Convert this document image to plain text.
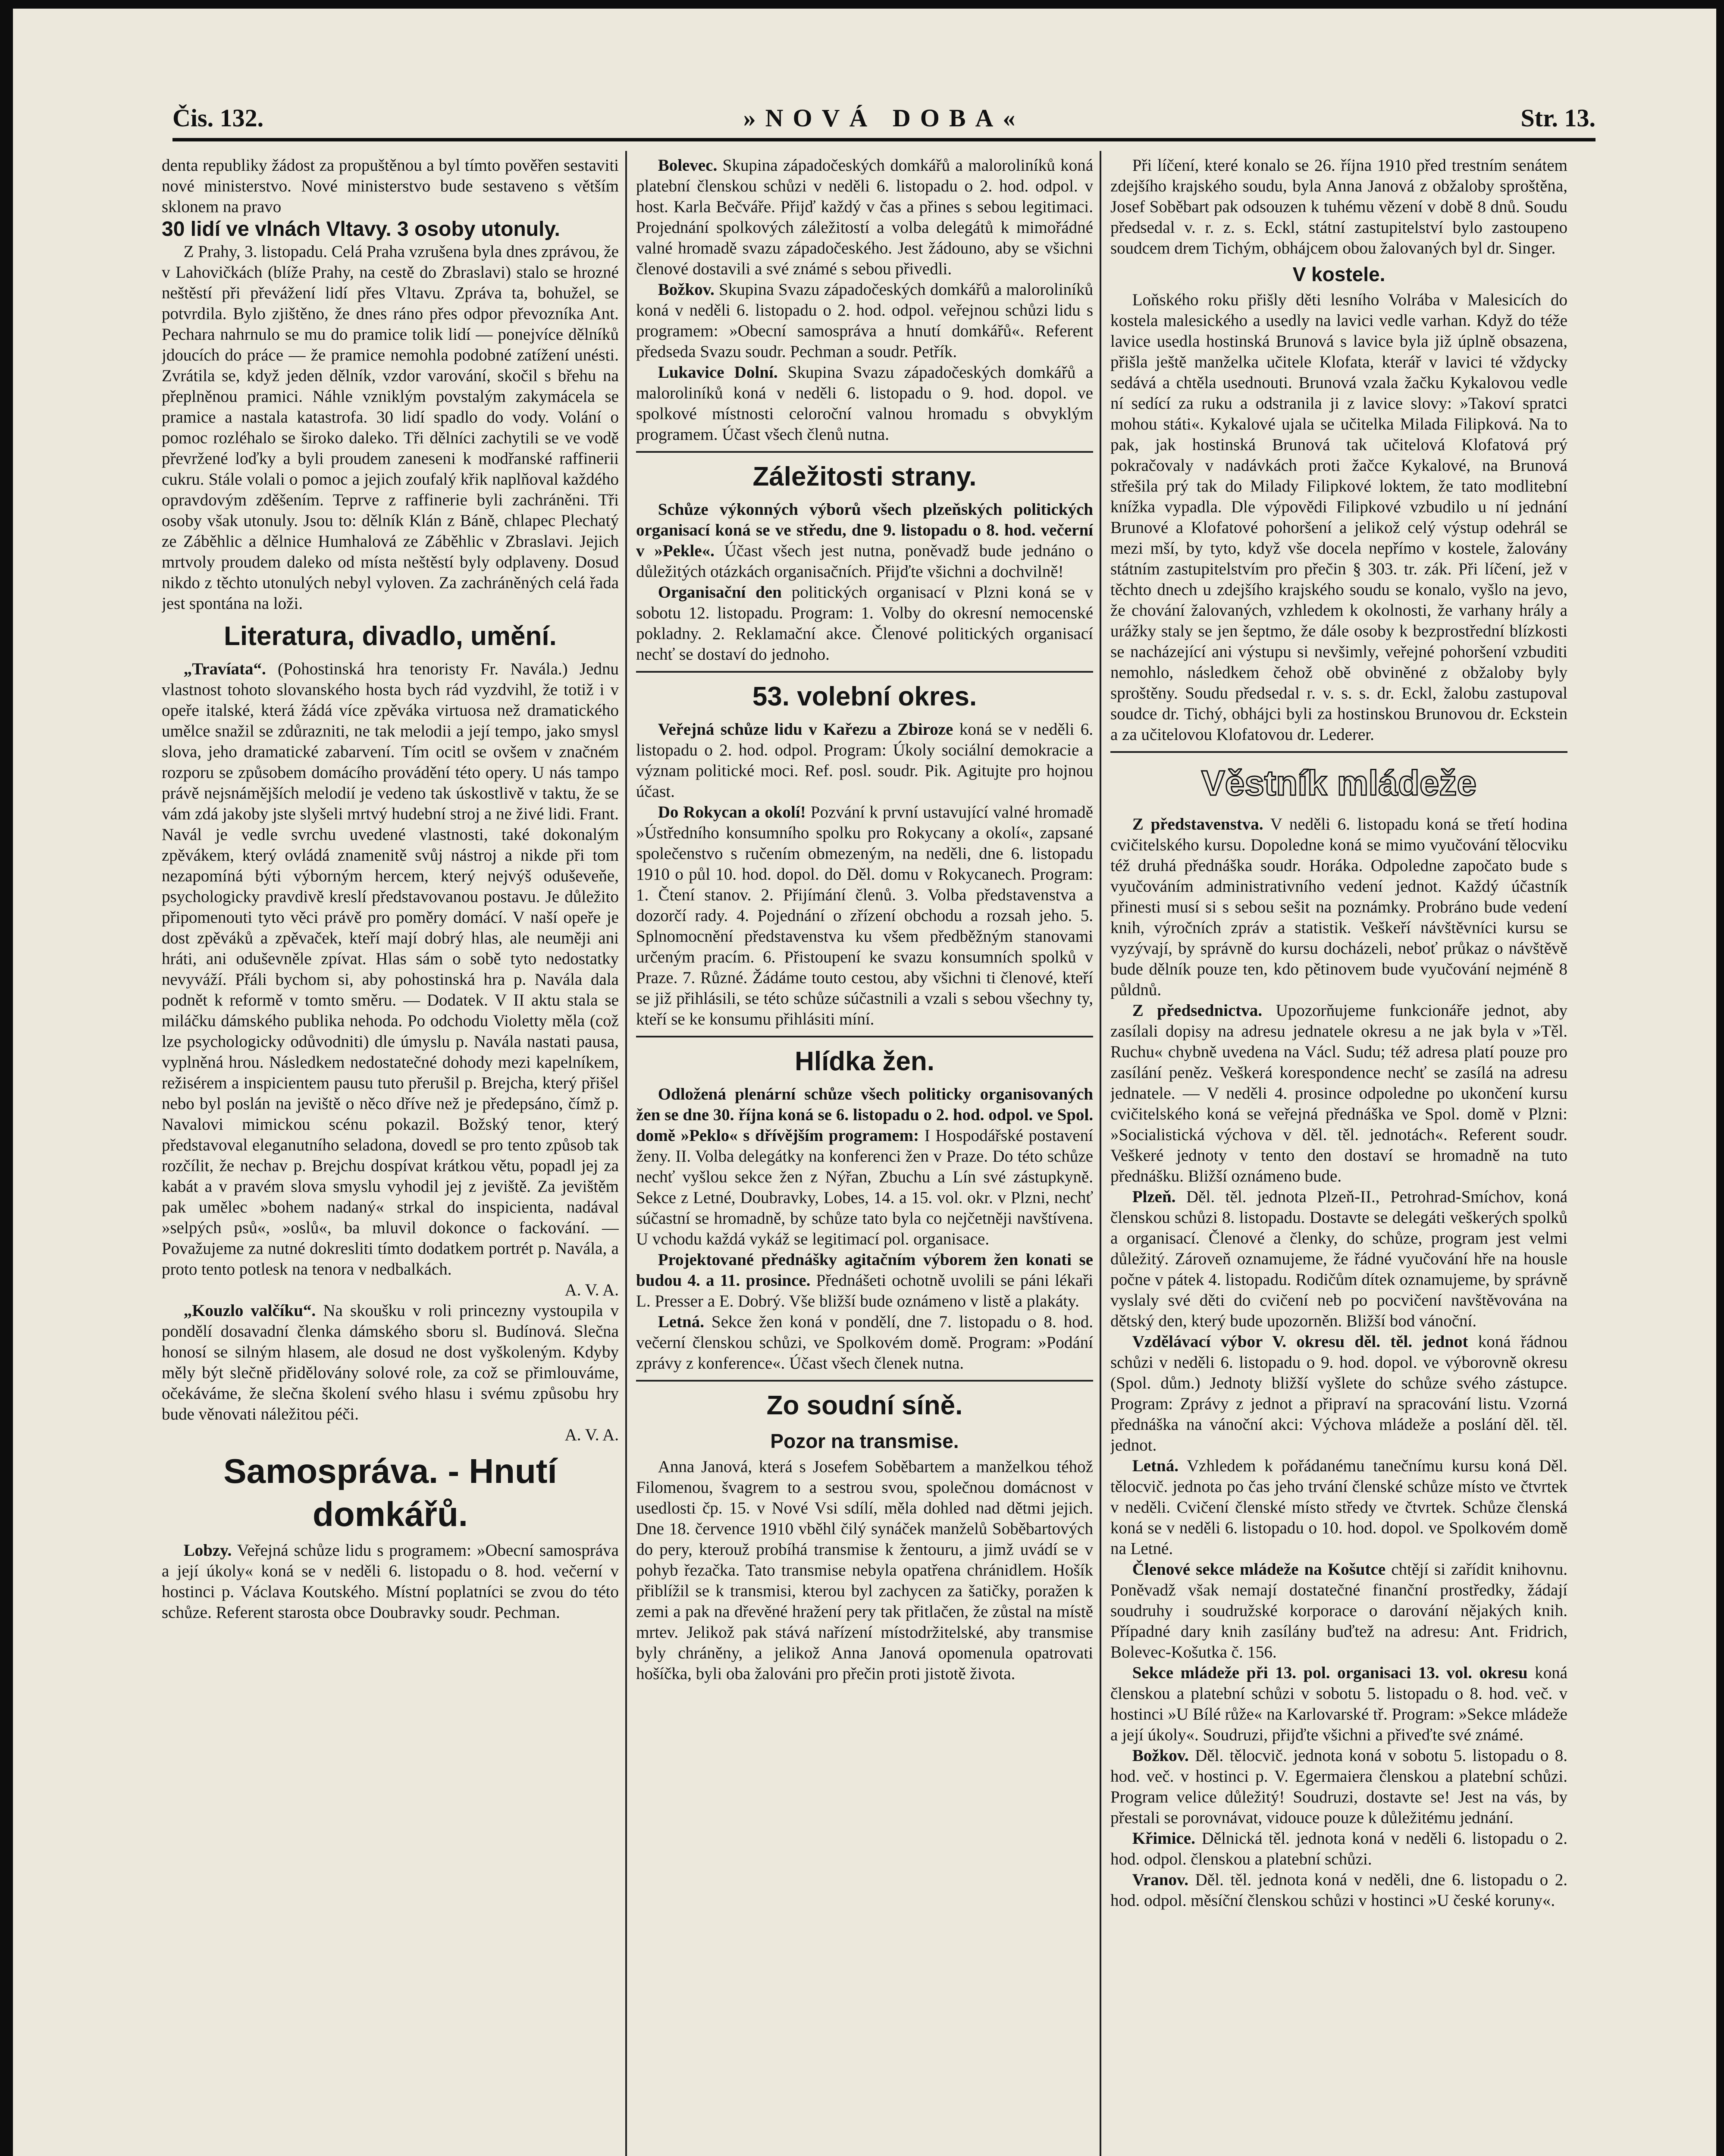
Čis. 132.	»NOVÁ DOBA«	Str. 13.

denta republiky žádost za propuštěnou a byl tímto pověřen sestaviti nové ministerstvo. Nové ministerstvo bude sestaveno s větším sklonem na pravo

30 lidí ve vlnách Vltavy. 3 osoby utonuly.

Z Prahy, 3. listopadu. Celá Praha vzrušena byla dnes zprávou, že v Lahovičkách (blíže Prahy, na cestě do Zbraslavi) stalo se hrozné neštěstí při převážení lidí přes Vltavu. Zpráva ta, bohužel, se potvrdila. Bylo zjištěno, že dnes ráno přes odpor převozníka Ant. Pechara nahrnulo se mu do pramice tolik lidí — ponejvíce dělníků jdoucích do práce — že pramice nemohla podobné zatížení unésti. Zvrátila se, když jeden dělník, vzdor varování, skočil s břehu na přeplněnou pramici. Náhle vzniklým povstalým zakymácela se pramice a nastala katastrofa. 30 lidí spadlo do vody. Volání o pomoc rozléhalo se široko daleko. Tři dělníci zachytili se ve vodě převržené loďky a byli proudem zaneseni k modřanské raffinerii cukru. Stále volali o pomoc a jejich zoufalý křik naplňoval každého opravdovým zděšením. Teprve z raffinerie byli zachráněni. Tři osoby však utonuly. Jsou to: dělník Klán z Báně, chlapec Plechatý ze Záběhlic a dělnice Humhalová ze Záběhlic v Zbraslavi. Jejich mrtvoly proudem daleko od místa neštěstí byly odplaveny. Dosud nikdo z těchto utonulých nebyl vyloven. Za zachráněných celá řada jest spontána na loži.

Literatura, divadlo, umění.

„Travíata“. (Pohostinská hra tenoristy Fr. Navála.) Jednu vlastnost tohoto slovanského hosta bych rád vyzdvihl, že totiž i v opeře italské, která žádá více zpěváka virtuosa než dramatického umělce snažil se zdůrazniti, ne tak melodii a její tempo, jako smysl slova, jeho dramatické zabarvení. Tím ocitl se ovšem v značném rozporu se způsobem domácího provádění této opery. U nás tampo právě nejsnámějších melodií je vedeno tak úskostlivě v taktu, že se vám zdá jakoby jste slyšeli mrtvý hudební stroj a ne živé lidi. Frant. Navál je vedle svrchu uvedené vlastnosti, také dokonalým zpěvákem, který ovládá znamenitě svůj nástroj a nikde při tom nezapomíná býti výborným hercem, který nejvýš oduševeňe, psychologicky pravdivě kreslí představovanou postavu. Je důležito připomenouti tyto věci právě pro poměry domácí. V naší opeře je dost zpěváků a zpěvaček, kteří mají dobrý hlas, ale neuměji ani hráti, ani oduševněle zpívat. Hlas sám o sobě tyto nedostatky nevyváží. Přáli bychom si, aby pohostinská hra p. Navála dala podnět k reformě v tomto směru. — Dodatek. V II aktu stala se miláčku dámského publika nehoda. Po odchodu Violetty měla (což lze psychologicky odůvodniti) dle úmyslu p. Navála nastati pausa, vyplněná hrou. Následkem nedostatečné dohody mezi kapelníkem, režisérem a inspicientem pausu tuto přerušil p. Brejcha, který přišel nebo byl poslán na jeviště o něco dříve než je předepsáno, čímž p. Navalovi mimickou scénu pokazil. Božský tenor, který představoval eleganutního seladona, dovedl se pro tento způsob tak rozčílit, že nechav p. Brejchu dospívat krátkou větu, popadl jej za kabát a v pravém slova smyslu vyhodil jej z jeviště. Za jevištěm pak umělec »bohem nadaný« strkal do inspicienta, nadával »selpých psů«, »oslů«, ba mluvil dokonce o fackování. — Považujeme za nutné dokresliti tímto dodatkem portrét p. Navála, a proto tento potlesk na tenora v nedbalkách.

A. V. A.

„Kouzlo valčíku“. Na skoušku v roli princezny vystoupila v pondělí dosavadní členka dámského sboru sl. Budínová. Slečna honosí se silným hlasem, ale dosud ne dost vyškoleným. Kdyby měly být slečně přidělovány solové role, za což se přimlouváme, očekáváme, že slečna školení svého hlasu i svému způsobu hry bude věnovati náležitou péči.

A. V. A.

Samospráva. - Hnutí domkářů.

Lobzy. Veřejná schůze lidu s programem: »Obecní samospráva a její úkoly« koná se v neděli 6. listopadu o 8. hod. večerní v hostinci p. Václava Koutského. Místní poplatníci se zvou do této schůze. Referent starosta obce Doubravky soudr. Pechman.

Bolevec. Skupina západočeských domkářů a maloroliníků koná platební členskou schůzi v neděli 6. listopadu o 2. hod. odpol. v host. Karla Bečváře. Přijď každý v čas a přines s sebou legitimaci. Projednání spolkových záležitostí a volba delegátů k mimořádné valné hromadě svazu západočeského. Jest žádouno, aby se všichni členové dostavili a své známé s sebou přivedli.

Božkov. Skupina Svazu západočeských domkářů a maloroliníků koná v neděli 6. listopadu o 2. hod. odpol. veřejnou schůzi lidu s programem: »Obecní samospráva a hnutí domkářů«. Referent předseda Svazu soudr. Pechman a soudr. Petřík.

Lukavice Dolní. Skupina Svazu západočeských domkářů a maloroliníků koná v neděli 6. listopadu o 9. hod. dopol. ve spolkové místnosti celoroční valnou hromadu s obvyklým programem. Účast všech členů nutna.

Záležitosti strany.

Schůze výkonných výborů všech plzeňských politických organisací koná se ve středu, dne 9. listopadu o 8. hod. večerní v »Pekle«. Účast všech jest nutna, poněvadž bude jednáno o důležitých otázkách organisačních. Přijďte všichni a dochvilně!

Organisační den politických organisací v Plzni koná se v sobotu 12. listopadu. Program: 1. Volby do okresní nemocenské pokladny. 2. Reklamační akce. Členové politických organisací nechť se dostaví do jednoho.

53. volební okres.

Veřejná schůze lidu v Kařezu a Zbiroze koná se v neděli 6. listopadu o 2. hod. odpol. Program: Úkoly sociální demokracie a význam politické moci. Ref. posl. soudr. Pik. Agitujte pro hojnou účast.

Do Rokycan a okolí! Pozvání k první ustavující valné hromadě »Ústředního konsumního spolku pro Rokycany a okolí«, zapsané společenstvo s ručením obmezeným, na neděli, dne 6. listopadu 1910 o půl 10. hod. dopol. do Děl. domu v Rokycanech. Program: 1. Čtení stanov. 2. Přijímání členů. 3. Volba představenstva a dozorčí rady. 4. Pojednání o zřízení obchodu a rozsah jeho. 5. Splnomocnění představenstva ku všem předběžným stanovami určeným pracím. 6. Přistoupení ke svazu konsumních spolků v Praze. 7. Různé. Žádáme touto cestou, aby všichni ti členové, kteří se již přihlásili, se této schůze súčastnili a vzali s sebou všechny ty, kteří se ke konsumu přihlásiti míní.

Hlídka žen.

Odložená plenární schůze všech politicky organisovaných žen se dne 30. října koná se 6. listopadu o 2. hod. odpol. ve Spol. domě »Peklo« s dřívějším programem: I Hospodářské postavení ženy. II. Volba delegátky na konferenci žen v Praze. Do této schůze nechť vyšlou sekce žen z Nýřan, Zbuchu a Lín své zástupkyně. Sekce z Letné, Doubravky, Lobes, 14. a 15. vol. okr. v Plzni, nechť súčastní se hromadně, by schůze tato byla co nejčetněji navštívena. U vchodu každá vykáž se legitimací pol. organisace.

Projektované přednášky agitačním výborem žen konati se budou 4. a 11. prosince. Přednášeti ochotně uvolili se páni lékaři L. Presser a E. Dobrý. Vše bližší bude oznámeno v listě a plakáty.

Letná. Sekce žen koná v pondělí, dne 7. listopadu o 8. hod. večerní členskou schůzi, ve Spolkovém domě. Program: »Podání zprávy z konference«. Účast všech členek nutna.

Zo soudní síně.
Pozor na transmise.

Anna Janová, která s Josefem Soběbartem a manželkou téhož Filomenou, švagrem to a sestrou svou, společnou domácnost v usedlosti čp. 15. v Nové Vsi sdílí, měla dohled nad dětmi jejich. Dne 18. července 1910 vběhl čilý synáček manželů Soběbartových do pery, kterouž probíhá transmise k žentouru, a jimž uvádí se v pohyb řezačka. Tato transmise nebyla opatřena chránidlem. Hošík přiblížil se k transmisi, kterou byl zachycen za šatičky, poražen k zemi a pak na dřevěné hražení pery tak přitlačen, že zůstal na místě mrtev. Jelikož pak stává nařízení místodržitelské, aby transmise byly chráněny, a jelikož Anna Janová opomenula opatrovati hošíčka, byli oba žalováni pro přečin proti jistotě života.

Při líčení, které konalo se 26. října 1910 před trestním senátem zdejšího krajského soudu, byla Anna Janová z obžaloby sproštěna, Josef Soběbart pak odsouzen k tuhému vězení v době 8 dnů. Soudu předsedal v. r. z. s. Eckl, státní zastupitelství bylo zastoupeno soudcem drem Tichým, obhájcem obou žalovaných byl dr. Singer.

V kostele.

Loňského roku přišly děti lesního Volrába v Malesicích do kostela malesického a usedly na lavici vedle varhan. Když do téže lavice usedla hostinská Brunová s lavice byla již úplně obsazena, přišla ještě manželka učitele Klofata, kterář v lavici té vždycky sedává a chtěla usednouti. Brunová vzala žačku Kykalovou vedle ní sedící za ruku a odstranila ji z lavice slovy: »Takoví spratci mohou státi«. Kykalové ujala se učitelka Milada Filipková. Na to pak, jak hostinská Brunová tak učitelová Klofatová prý pokračovaly v nadávkách proti žačce Kykalové, na Brunová střešila prý tak do Milady Filipkové loktem, že tato modlitební knížka vypadla. Dle výpovědi Filipkové vzbudilo u ní jednání Brunové a Klofatové pohoršení a jelikož celý výstup odehrál se mezi mší, by tyto, když vše docela nepřímo v kostele, žalovány státním zastupitelstvím pro přečin § 303. tr. zák. Při líčení, jež v těchto dnech u zdejšího krajského soudu se konalo, vyšlo na jevo, že chování žalovaných, vzhledem k okolnosti, že varhany hrály a urážky staly se jen šeptmo, že dále osoby k bezprostřední blízkosti se nacházející ani výstupu si nevšimly, veřejné pohoršení vzbuditi nemohlo, následkem čehož obě obviněné z obžaloby byly sproštěny. Soudu předsedal r. v. s. s. dr. Eckl, žalobu zastupoval soudce dr. Tichý, obhájci byli za hostinskou Brunovou dr. Eckstein a za učitelovou Klofatovou dr. Lederer.

Věstník mládeže

Z představenstva. V neděli 6. listopadu koná se třetí hodina cvičitelského kursu. Dopoledne koná se mimo vyučování tělocviku též druhá přednáška soudr. Horáka. Odpoledne započato bude s vyučováním administrativního vedení jednot. Každý účastník přinesti musí si s sebou sešit na poznámky. Probráno bude vedení knih, výročních zpráv a statistik. Veškeří návštěvníci kursu se vyzývají, by správně do kursu docházeli, neboť průkaz o návštěvě bude dělník pouze ten, kdo pětinovem bude vyučování nejméně 8 půldnů.

Z předsednictva. Upozorňujeme funkcionáře jednot, aby zasílali dopisy na adresu jednatele okresu a ne jak byla v »Těl. Ruchu« chybně uvedena na Václ. Sudu; též adresa platí pouze pro zasílání peněz. Veškerá korespondence nechť se zasílá na adresu jednatele. — V neděli 4. prosince odpoledne po ukončení kursu cvičitelského koná se veřejná přednáška ve Spol. domě v Plzni: »Socialistická výchova v děl. těl. jednotách«. Referent soudr. Veškeré jednoty v tento den dostaví se hromadně na tuto přednášku. Bližší oznámeno bude.

Plzeň. Děl. těl. jednota Plzeň-II., Petrohrad-Smíchov, koná členskou schůzi 8. listopadu. Dostavte se delegáti veškerých spolků a organisací. Členové a členky, do schůze, program jest velmi důležitý. Zároveň oznamujeme, že řádné vyučování hře na housle počne v pátek 4. listopadu. Rodičům dítek oznamujeme, by správně vyslaly své děti do cvičení neb po pocvičení navštěvována na dětský den, který bude upozorněn. Bližší bod vánoční.

Vzdělávací výbor V. okresu děl. těl. jednot koná řádnou schůzi v neděli 6. listopadu o 9. hod. dopol. ve výborovně okresu (Spol. dům.) Jednoty bližší vyšlete do schůze svého zástupce. Program: Zprávy z jednot a připraví na spracování listu. Vzorná přednáška na vánoční akci: Výchova mládeže a poslání děl. těl. jednot.

Letná. Vzhledem k pořádanému tanečnímu kursu koná Děl. tělocvič. jednota po čas jeho trvání členské schůze místo ve čtvrtek v neděli. Cvičení členské místo středy ve čtvrtek. Schůze členská koná se v neděli 6. listopadu o 10. hod. dopol. ve Spolkovém domě na Letné.

Členové sekce mládeže na Košutce chtějí si zařídit knihovnu. Poněvadž však nemají dostatečné finanční prostředky, žádají soudruhy i soudružské korporace o darování nějakých knih. Případné dary knih zasílány buďtež na adresu: Ant. Fridrich, Bolevec-Košutka č. 156.

Sekce mládeže při 13. pol. organisaci 13. vol. okresu koná členskou a platební schůzi v sobotu 5. listopadu o 8. hod. več. v hostinci »U Bílé růže« na Karlovarské tř. Program: »Sekce mládeže a její úkoly«. Soudruzi, přijďte všichni a přiveďte své známé.

Božkov. Děl. tělocvič. jednota koná v sobotu 5. listopadu o 8. hod. več. v hostinci p. V. Egermaiera členskou a platební schůzi. Program velice důležitý! Soudruzi, dostavte se! Jest na vás, by přestali se porovnávat, vidouce pouze k důležitému jednání.

Křimice. Dělnická těl. jednota koná v neděli 6. listopadu o 2. hod. odpol. členskou a platební schůzi.

Vranov. Děl. těl. jednota koná v neděli, dne 6. listopadu o 2. hod. odpol. měsíční členskou schůzi v hostinci »U české koruny«.
